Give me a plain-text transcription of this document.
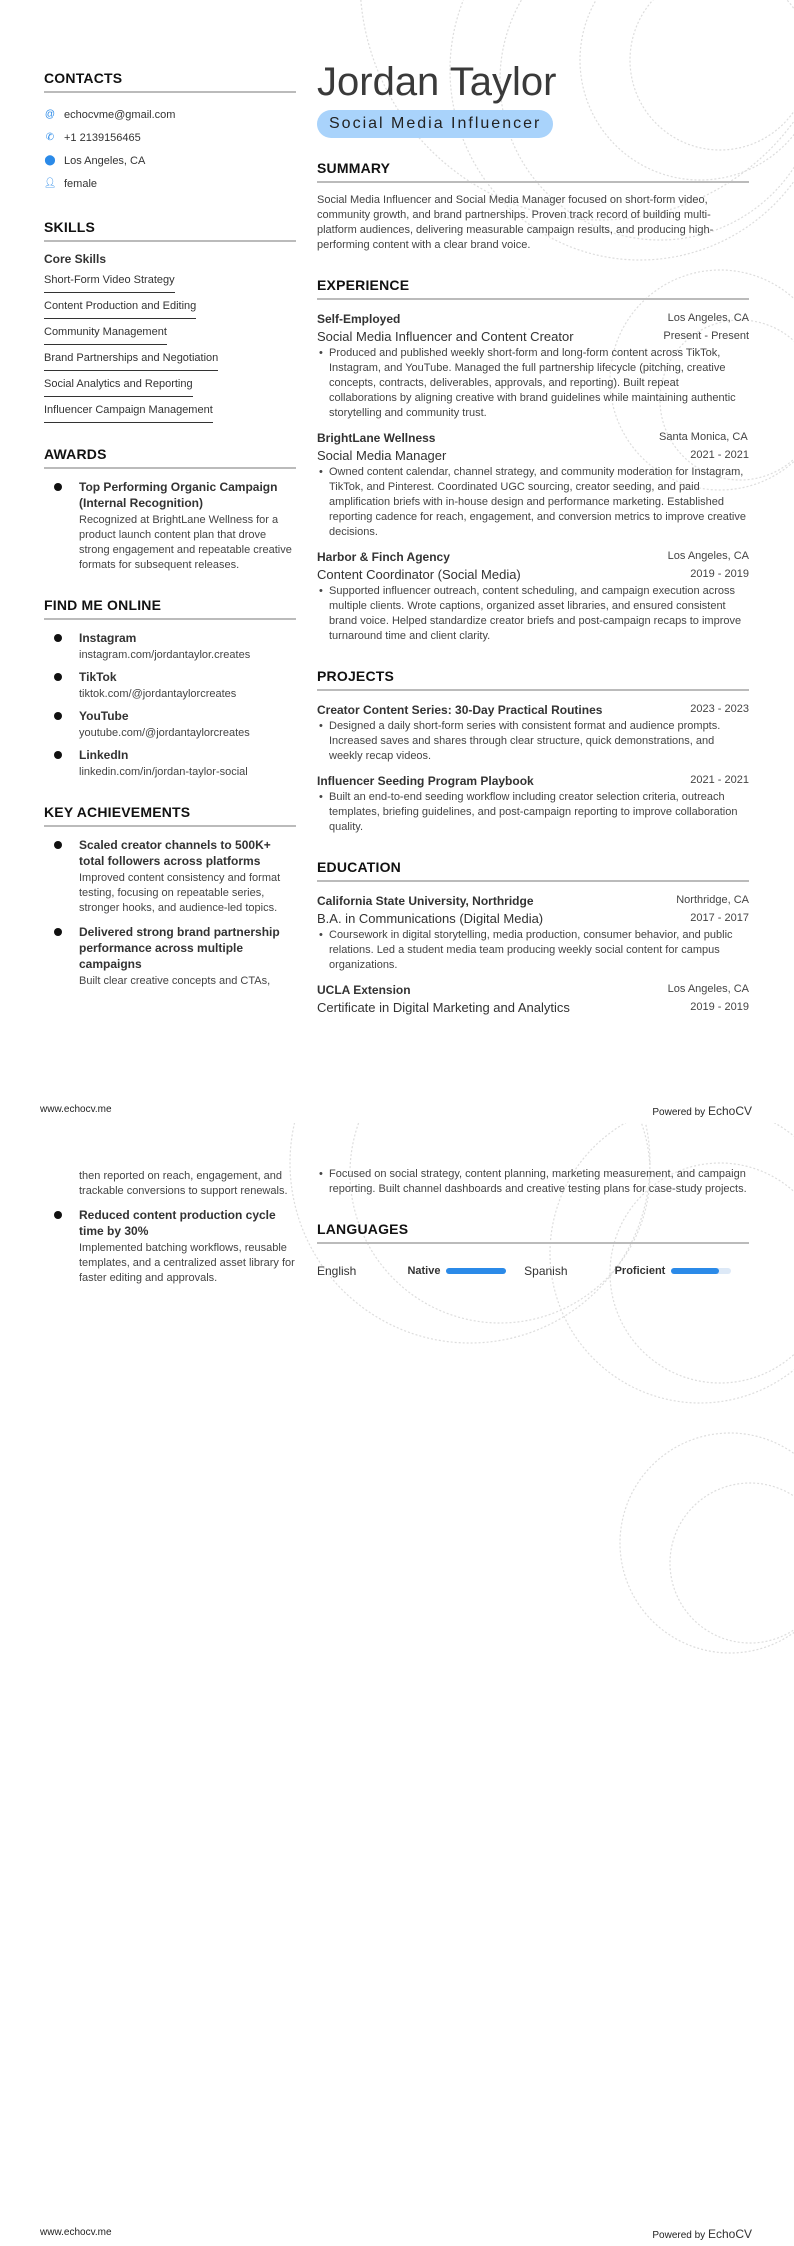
CONTACTS
@ echocvme@gmail.com
✆ +1 2139156465
⬤ Los Angeles, CA
👤︎ female
SKILLS
Core Skills
Short-Form Video Strategy
Content Production and Editing
Community Management
Brand Partnerships and Negotiation
Social Analytics and Reporting
Influencer Campaign Management
AWARDS
Top Performing Organic Campaign (Internal Recognition)
Recognized at BrightLane Wellness for a product launch content plan that drove strong engagement and repeatable creative formats for subsequent releases.
FIND ME ONLINE
Instagram
instagram.com/jordantaylor.creates
TikTok
tiktok.com/@jordantaylorcreates
YouTube
youtube.com/@jordantaylorcreates
LinkedIn
linkedin.com/in/jordan-taylor-social
KEY ACHIEVEMENTS
Scaled creator channels to 500K+ total followers across platforms
Improved content consistency and format testing, focusing on repeatable series, stronger hooks, and audience-led topics.
Delivered strong brand partnership performance across multiple campaigns
Built clear creative concepts and CTAs,
Jordan Taylor
Social Media Influencer
SUMMARY
Social Media Influencer and Social Media Manager focused on short-form video, community growth, and brand partnerships. Proven track record of building multi-platform audiences, delivering measurable campaign results, and producing high-performing content with a clear brand voice.
EXPERIENCE
Self-Employed	Los Angeles, CA
Social Media Influencer and Content Creator	Present - Present
• Produced and published weekly short-form and long-form content across TikTok, Instagram, and YouTube. Managed the full partnership lifecycle (pitching, creative concepts, contracts, deliverables, approvals, and reporting). Built repeat collaborations by aligning creative with brand guidelines while maintaining authentic storytelling and community trust.
BrightLane Wellness	Santa Monica, CA
Social Media Manager	2021 - 2021
• Owned content calendar, channel strategy, and community moderation for Instagram, TikTok, and Pinterest. Coordinated UGC sourcing, creator seeding, and paid amplification briefs with in-house design and performance marketing. Established reporting cadence for reach, engagement, and conversion metrics to improve creative decisions.
Harbor & Finch Agency	Los Angeles, CA
Content Coordinator (Social Media)	2019 - 2019
• Supported influencer outreach, content scheduling, and campaign execution across multiple clients. Wrote captions, organized asset libraries, and ensured consistent brand voice. Helped standardize creator briefs and post-campaign recaps to improve turnaround time and client clarity.
PROJECTS
Creator Content Series: 30-Day Practical Routines	2023 - 2023
• Designed a daily short-form series with consistent format and audience prompts. Increased saves and shares through clear structure, quick demonstrations, and weekly recap videos.
Influencer Seeding Program Playbook	2021 - 2021
• Built an end-to-end seeding workflow including creator selection criteria, outreach templates, briefing guidelines, and post-campaign reporting to improve collaboration quality.
EDUCATION
California State University, Northridge	Northridge, CA
B.A. in Communications (Digital Media)	2017 - 2017
• Coursework in digital storytelling, media production, consumer behavior, and public relations. Led a student media team producing weekly social content for campus organizations.
UCLA Extension	Los Angeles, CA
Certificate in Digital Marketing and Analytics	2019 - 2019
www.echocv.me	Powered by EchoCV
then reported on reach, engagement, and trackable conversions to support renewals.
Reduced content production cycle time by 30%
Implemented batching workflows, reusable templates, and a centralized asset library for faster editing and approvals.
• Focused on social strategy, content planning, marketing measurement, and campaign reporting. Built channel dashboards and creative testing plans for case-study projects.
LANGUAGES
English	Native	Spanish	Proficient
www.echocv.me	Powered by EchoCV
